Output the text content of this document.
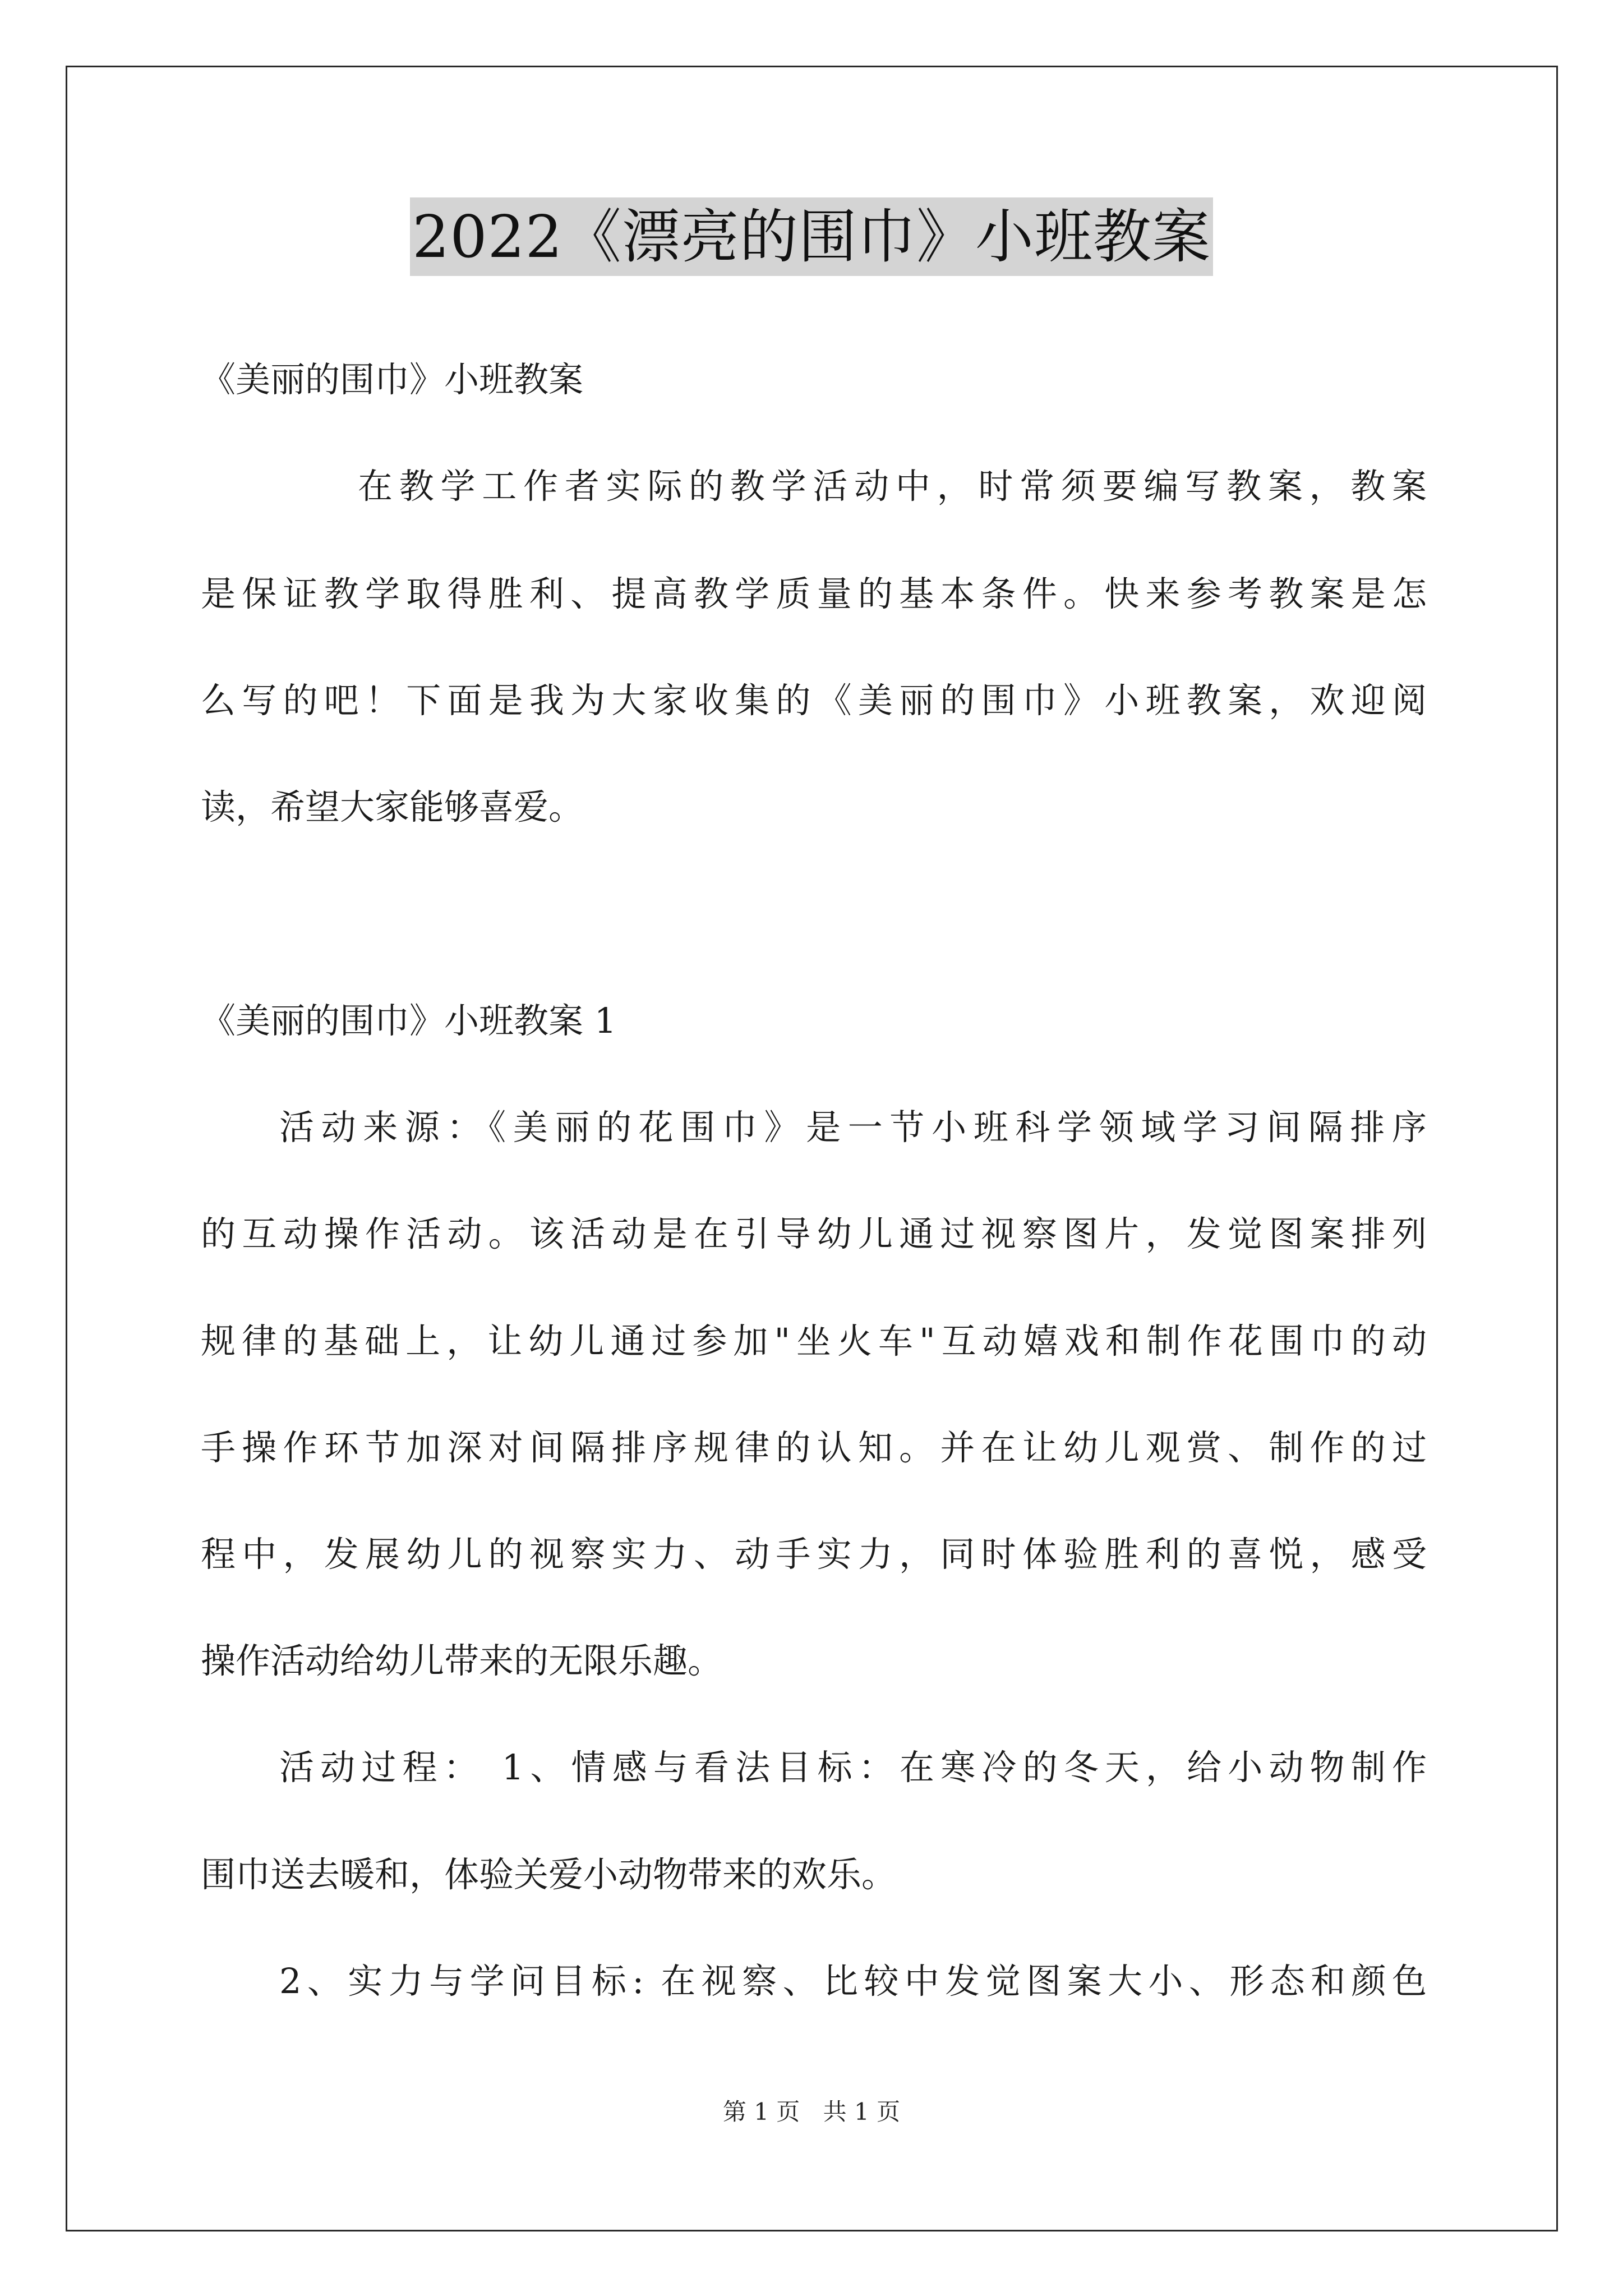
2022《漂亮的围巾》小班教案
《美丽的围巾》小班教案
在教学工作者实际的教学活动中，时常须要编写教案，教案
是保证教学取得胜利、提高教学质量的基本条件。快来参考教案是怎
么写的吧！下面是我为大家收集的《美丽的围巾》小班教案，欢迎阅
读，希望大家能够喜爱。
《美丽的围巾》小班教案 1
活动来源：《美丽的花围巾》是一节小班科学领域学习间隔排序
的互动操作活动。该活动是在引导幼儿通过视察图片，发觉图案排列
规律的基础上，让幼儿通过参加"坐火车"互动嬉戏和制作花围巾的动
手操作环节加深对间隔排序规律的认知。并在让幼儿观赏、制作的过
程中，发展幼儿的视察实力、动手实力，同时体验胜利的喜悦，感受
操作活动给幼儿带来的无限乐趣。
活动过程： 1、情感与看法目标：在寒冷的冬天，给小动物制作
围巾送去暖和，体验关爱小动物带来的欢乐。
2、实力与学问目标: 在视察、比较中发觉图案大小、形态和颜色
第 1 页 共 1 页
